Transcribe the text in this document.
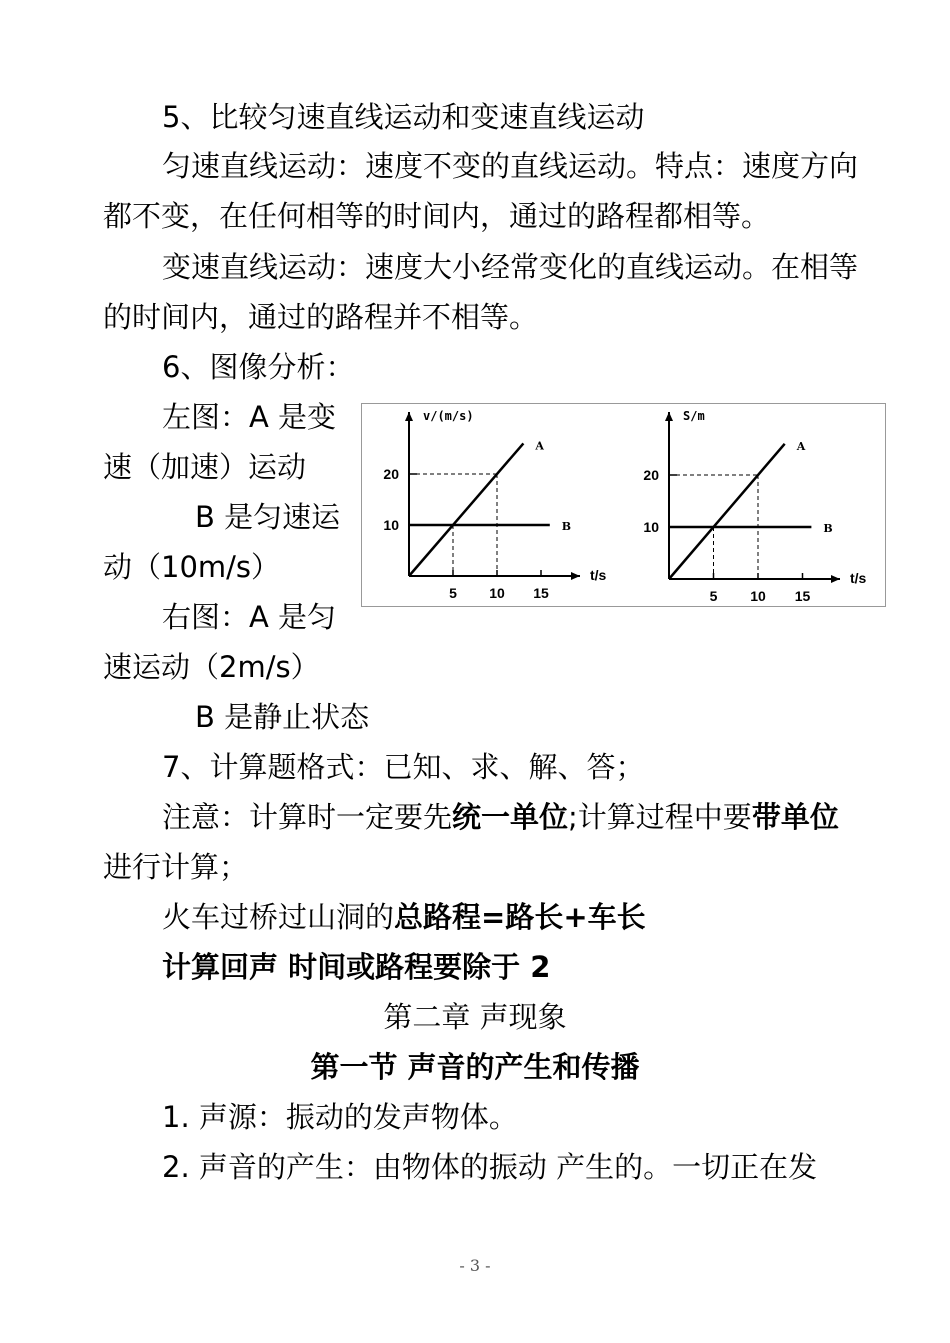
5、比较匀速直线运动和变速直线运动
匀速直线运动：速度不变的直线运动。特点：速度方向
都不变，在任何相等的时间内，通过的路程都相等。
变速直线运动：速度大小经常变化的直线运动。在相等
的时间内，通过的路程并不相等。
6、图像分析：
左图：A 是变
速（加速）运动
B 是匀速运
动（10m/s）
右图：A 是匀
速运动（2m/s）
B 是静止状态
v/(m/s)
t/s
5 10 15
10
20
A
B
S/m
t/s
5 10 15
10
20
A
B
7、计算题格式：已知、求、解、答；
注意：计算时一定要先统一单位;计算过程中要带单位
进行计算；
火车过桥过山洞的总路程=路长+车长
计算回声 时间或路程要除于 2
第二章 声现象
第一节 声音的产生和传播
1. 声源：振动的发声物体。
2. 声音的产生：由物体的振动 产生的。一切正在发
- 3 -
